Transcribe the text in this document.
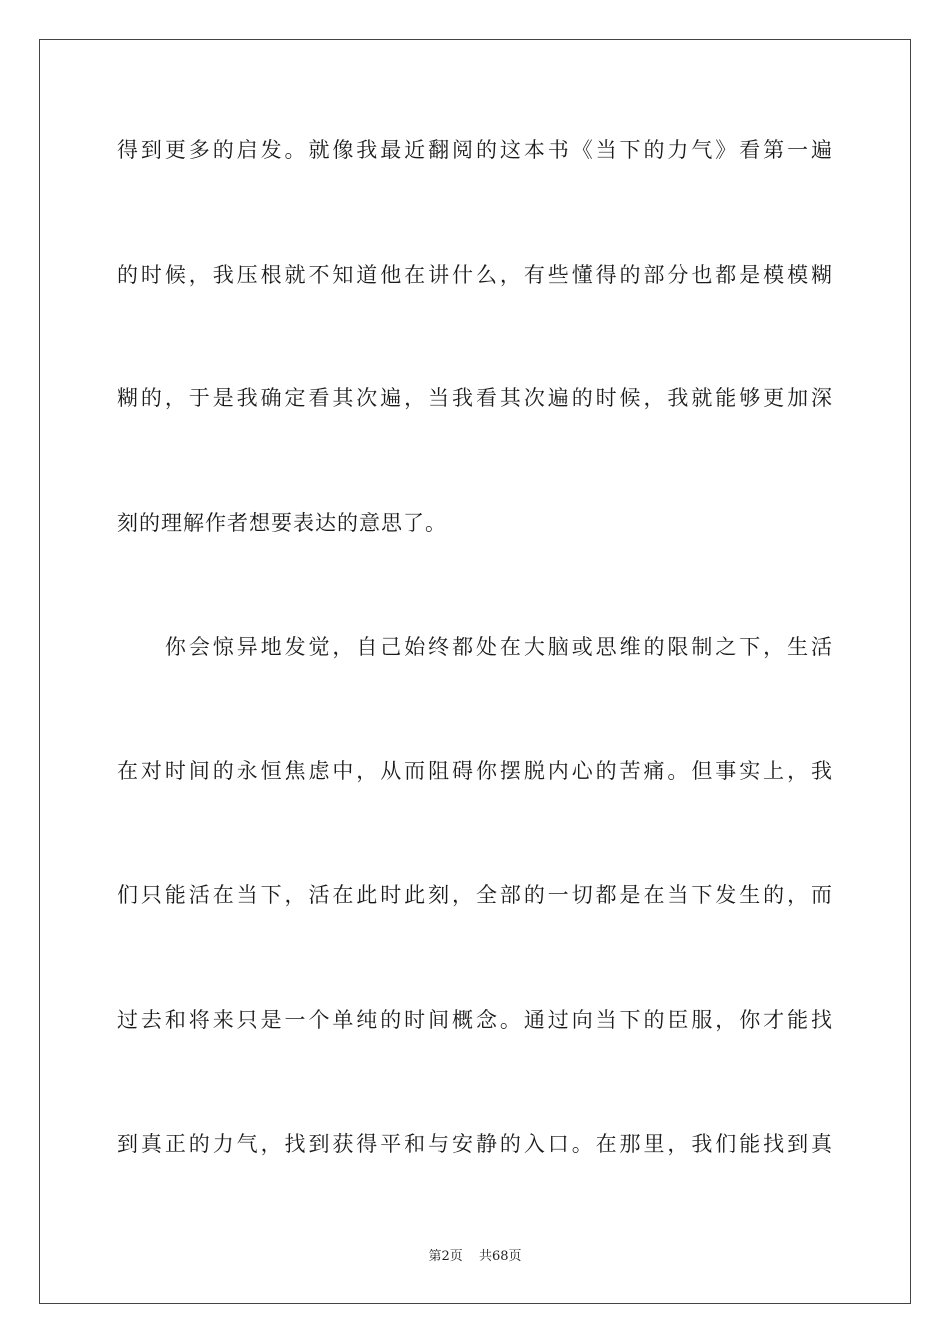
得到更多的启发。就像我最近翻阅的这本书《当下的力气》看第一遍
的时候，我压根就不知道他在讲什么，有些懂得的部分也都是模模糊
糊的，于是我确定看其次遍，当我看其次遍的时候，我就能够更加深
刻的理解作者想要表达的意思了。
你会惊异地发觉，自己始终都处在大脑或思维的限制之下，生活
在对时间的永恒焦虑中，从而阻碍你摆脱内心的苦痛。但事实上，我
们只能活在当下，活在此时此刻，全部的一切都是在当下发生的，而
过去和将来只是一个单纯的时间概念。通过向当下的臣服，你才能找
到真正的力气，找到获得平和与安静的入口。在那里，我们能找到真
第2页 共68页
